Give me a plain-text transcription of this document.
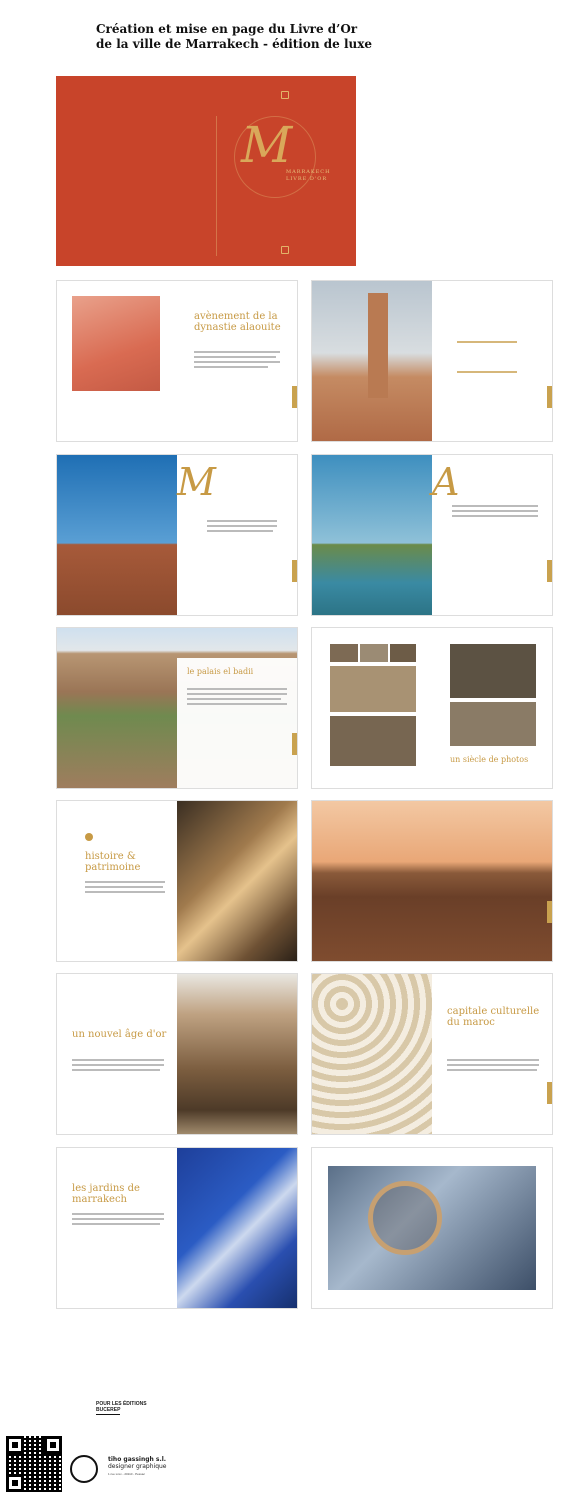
Création et mise en page du Livre d’Or
de la ville de Marrakech - édition de luxe
M
MARRAKECH
LIVRE D'OR
avènement de la dynastie alaouite
M	A
le palais el badii
un siècle de photos
histoire & patrimoine
un nouvel âge d'or
capitale culturelle du maroc
les jardins de marrakech
POUR LES ÉDITIONS
BUCEREP
tiho gassingh s.l.
designer graphique
1 rue xxxx - 20110 - Pessac
